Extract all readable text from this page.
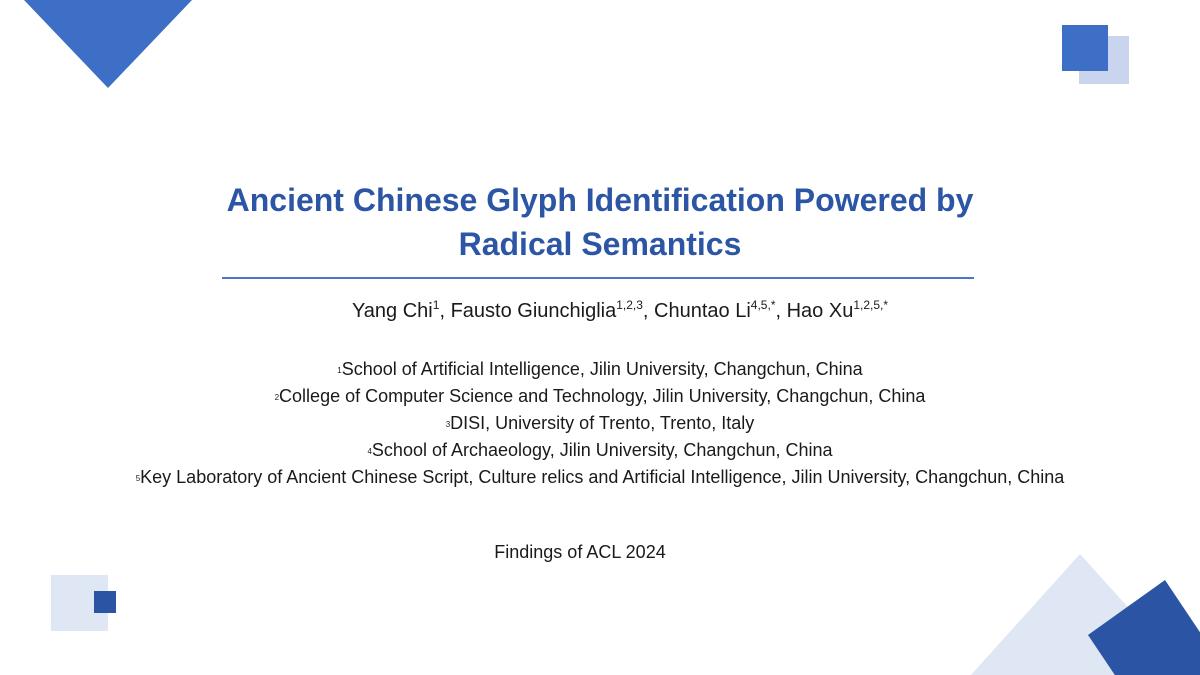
Ancient Chinese Glyph Identification Powered by
Radical Semantics
Yang Chi$^1$, Fausto Giunchiglia$^{1,2,3}$, Chuntao $Li^{4,5,*}$, Hao $Xu^{1,2,5,*}$
$^1$School of Artificial Intelligence, Jilin University, Changchun, China
$^2$College of Computer Science and Technology, Jilin University, Changchun, China
$^3$DISI, University of Trento, Trento, Italy
$^4$School of Archaeology, Jilin University, Changchun, China
$^5$Key Laboratory of Ancient Chinese Script, Culture relics and Artificial Intelligence, Jilin University, Changchun, China
Findings of ACL 2024
